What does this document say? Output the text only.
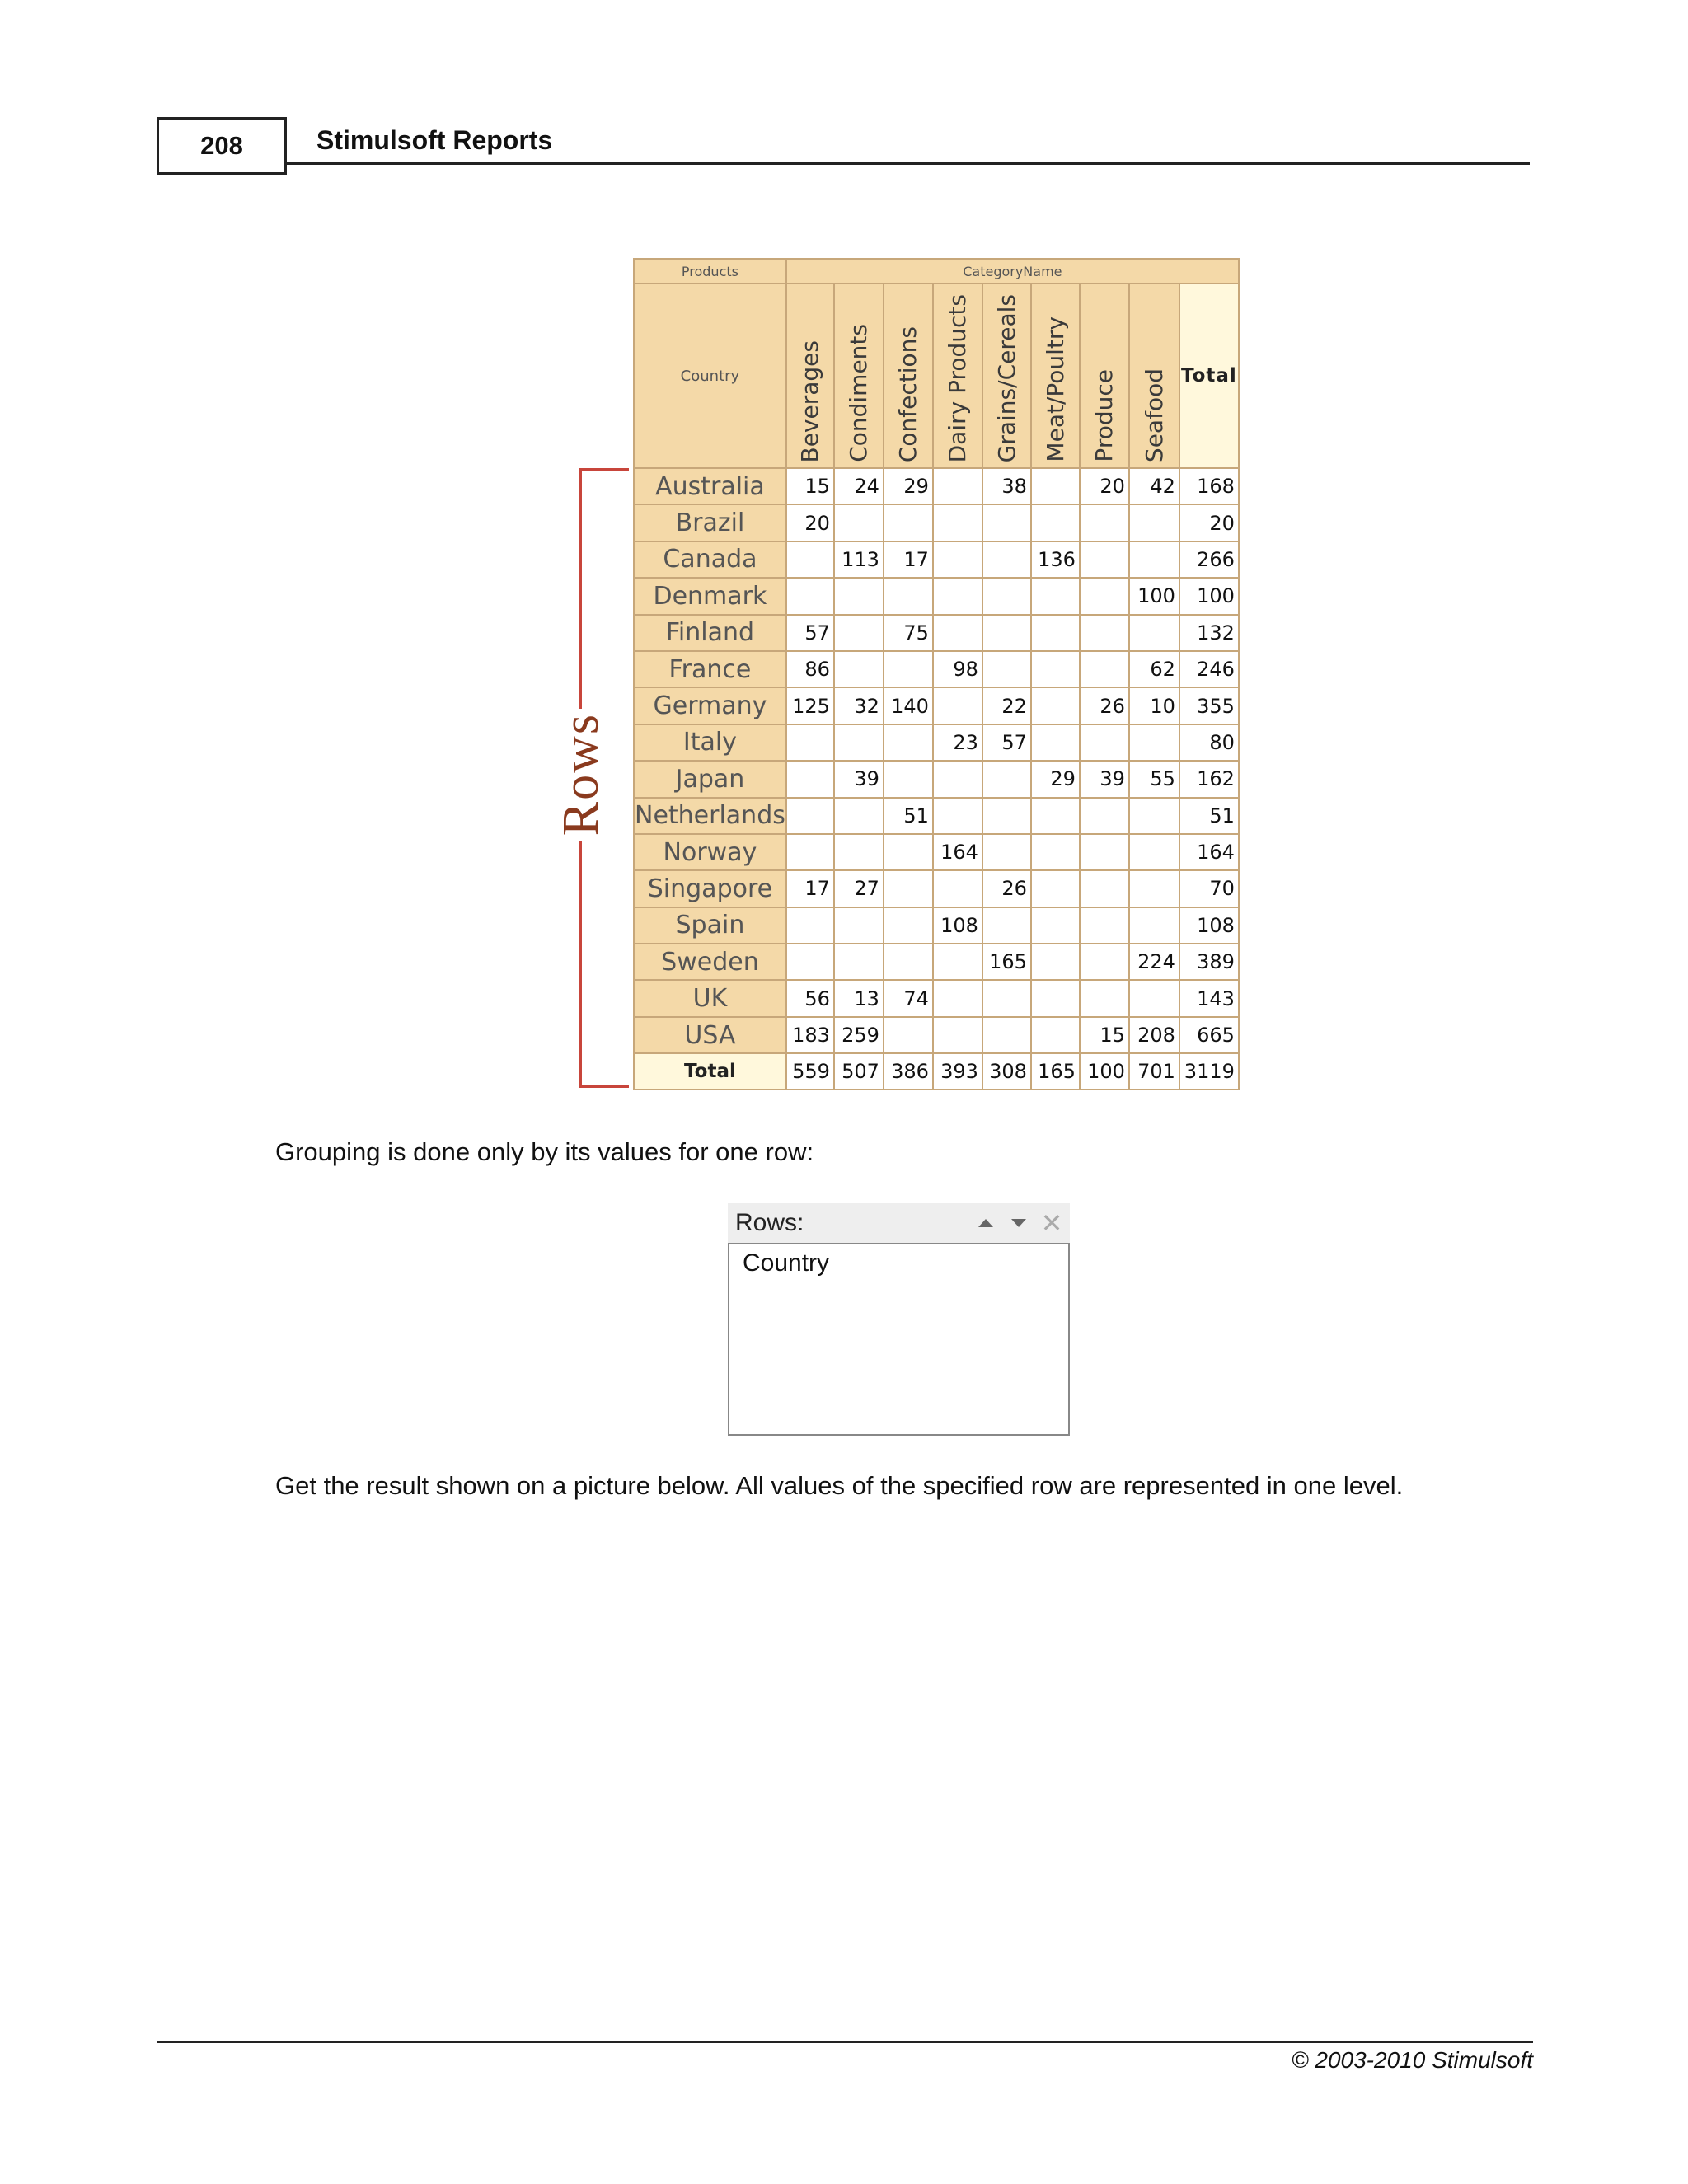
208	Stimulsoft Reports
Rows
Products	CategoryName								
Country	Beverages	Condiments	Confections	Dairy Products	Grains/Cereals	Meat/Poultry	Produce	Seafood	Total
Australia	15	24	29		38		20	42	168
Brazil	20								20
Canada		113	17			136			266
Denmark								100	100
Finland	57		75						132
France	86			98				62	246
Germany	125	32	140		22		26	10	355
Italy				23	57				80
Japan		39				29	39	55	162
Netherlands			51						51
Norway				164					164
Singapore	17	27			26				70
Spain				108					108
Sweden					165			224	389
UK	56	13	74						143
USA	183	259					15	208	665
Total	559	507	386	393	308	165	100	701	3119
Grouping is done only by its values for one row:
Rows:	✕
Country
Get the result shown on a picture below. All values of the specified row are represented in one level.
© 2003-2010 Stimulsoft
